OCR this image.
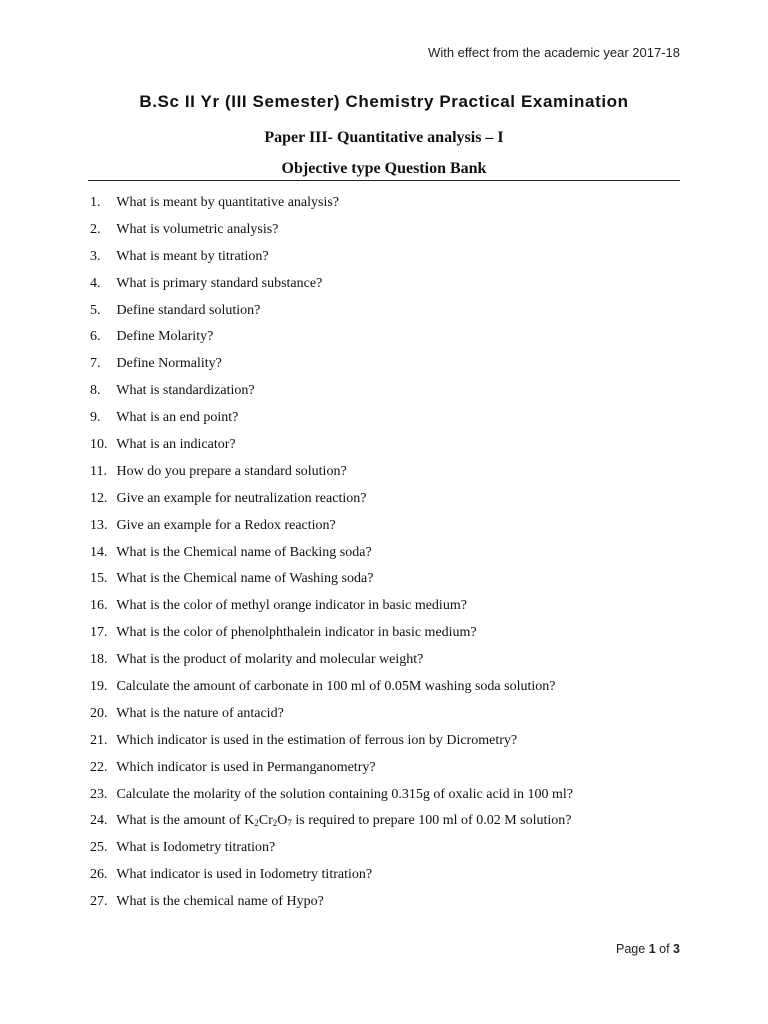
With effect from the academic year 2017-18
B.Sc II Yr (III Semester) Chemistry Practical Examination
Paper III- Quantitative analysis – I
Objective type Question Bank
1. What is meant by quantitative analysis?
2. What is volumetric analysis?
3. What is meant by titration?
4. What is primary standard substance?
5. Define standard solution?
6. Define Molarity?
7. Define Normality?
8. What is standardization?
9. What is an end point?
10. What is an indicator?
11. How do you prepare a standard solution?
12. Give an example for neutralization reaction?
13. Give an example for a Redox reaction?
14. What is the Chemical name of Backing soda?
15. What is the Chemical name of Washing soda?
16. What is the color of methyl orange indicator in basic medium?
17. What is the color of phenolphthalein indicator in basic medium?
18. What is the product of molarity and molecular weight?
19. Calculate the amount of carbonate in 100 ml of 0.05M washing soda solution?
20. What is the nature of antacid?
21. Which indicator is used in the estimation of ferrous ion by Dicrometry?
22. Which indicator is used in Permanganometry?
23. Calculate the molarity of the solution containing 0.315g of oxalic acid in 100 ml?
24. What is the amount of $K_2Cr_2O_7$ is required to prepare 100 ml of 0.02 M solution?
25. What is Iodometry titration?
26. What indicator is used in Iodometry titration?
27. What is the chemical name of Hypo?
Page 1 of 3
